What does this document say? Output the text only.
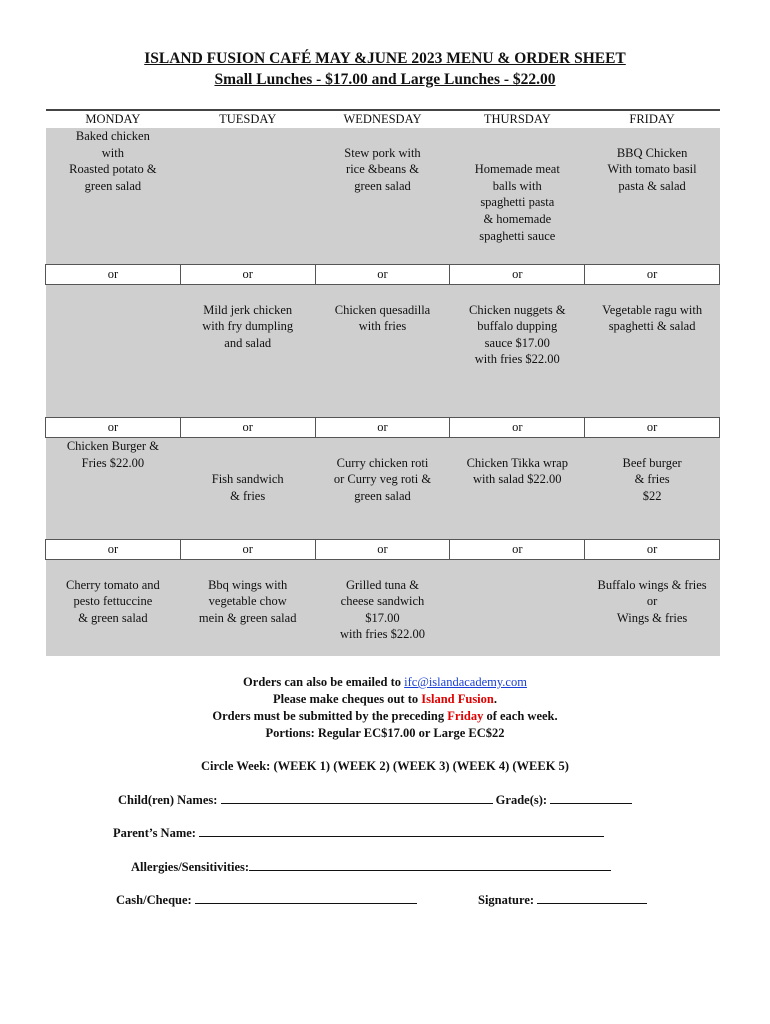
ISLAND FUSION CAFÉ MAY &JUNE 2023 MENU & ORDER SHEET
Small Lunches - $17.00 and Large Lunches - $22.00
MONDAY	TUESDAY	WEDNESDAY	THURSDAY	FRIDAY

Baked chicken
with
Roasted potato &
green salad		Stew pork with
rice &beans &
green salad	Homemade meat
balls with
spaghetti pasta
& homemade
spaghetti sauce	BBQ Chicken
With tomato basil
pasta & salad

or	or	or	or	or

	Mild jerk chicken
with fry dumpling
and salad	Chicken quesadilla
with fries	Chicken nuggets &
buffalo dupping
sauce $17.00
with fries $22.00	Vegetable ragu with
spaghetti & salad

or	or	or	or	or

Chicken Burger &
Fries $22.00	Fish sandwich
& fries	Curry chicken roti
or Curry veg roti &
green salad	Chicken Tikka wrap
with salad $22.00	Beef burger
& fries
$22

or	or	or	or	or

Cherry tomato and
pesto fettuccine
& green salad	Bbq wings with
vegetable chow
mein & green salad	Grilled tuna &
cheese sandwich
$17.00
with fries $22.00		Buffalo wings & fries
or
Wings & fries
Orders can also be emailed to ifc@islandacademy.com
Please make cheques out to Island Fusion.
Orders must be submitted by the preceding Friday of each week.
Portions: Regular EC$17.00 or Large EC$22
Circle Week: (WEEK 1) (WEEK 2) (WEEK 3) (WEEK 4) (WEEK 5)
Child(ren) Names:	Grade(s):
Parent’s Name:
Allergies/Sensitivities:
Cash/Cheque:	Signature:
